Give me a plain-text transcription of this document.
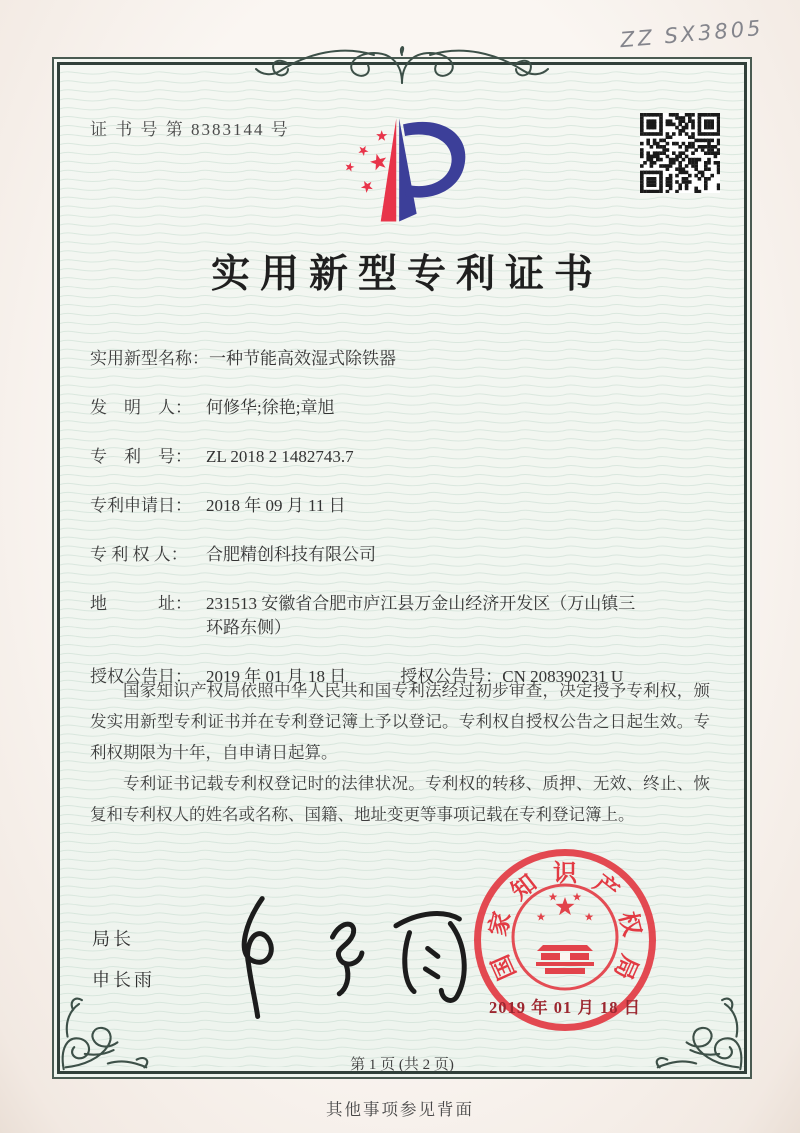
ZZ SX3805
证 书 号 第 8383144 号
实用新型专利证书
实用新型名称： 一种节能高效湿式除铁器
发　明　人： 何修华;徐艳;章旭
专　利　号： ZL 2018 2 1482743.7
专利申请日： 2018 年 09 月 11 日
专 利 权 人：	合肥精创科技有限公司
地　　　址： 231513 安徽省合肥市庐江县万金山经济开发区（万山镇三环路东侧）
授权公告日： 2019 年 01 月 18 日	授权公告号： CN 208390231 U

国家知识产权局依照中华人民共和国专利法经过初步审查，决定授予专利权，颁发实用新型专利证书并在专利登记簿上予以登记。专利权自授权公告之日起生效。专利权期限为十年，自申请日起算。

专利证书记载专利权登记时的法律状况。专利权的转移、质押、无效、终止、恢复和专利权人的姓名或名称、国籍、地址变更等事项记载在专利登记簿上。

局长
申长雨	国
家
知 识 产
权
局
2019 年 01 月 18 日
第 1 页 (共 2 页)
其他事项参见背面
